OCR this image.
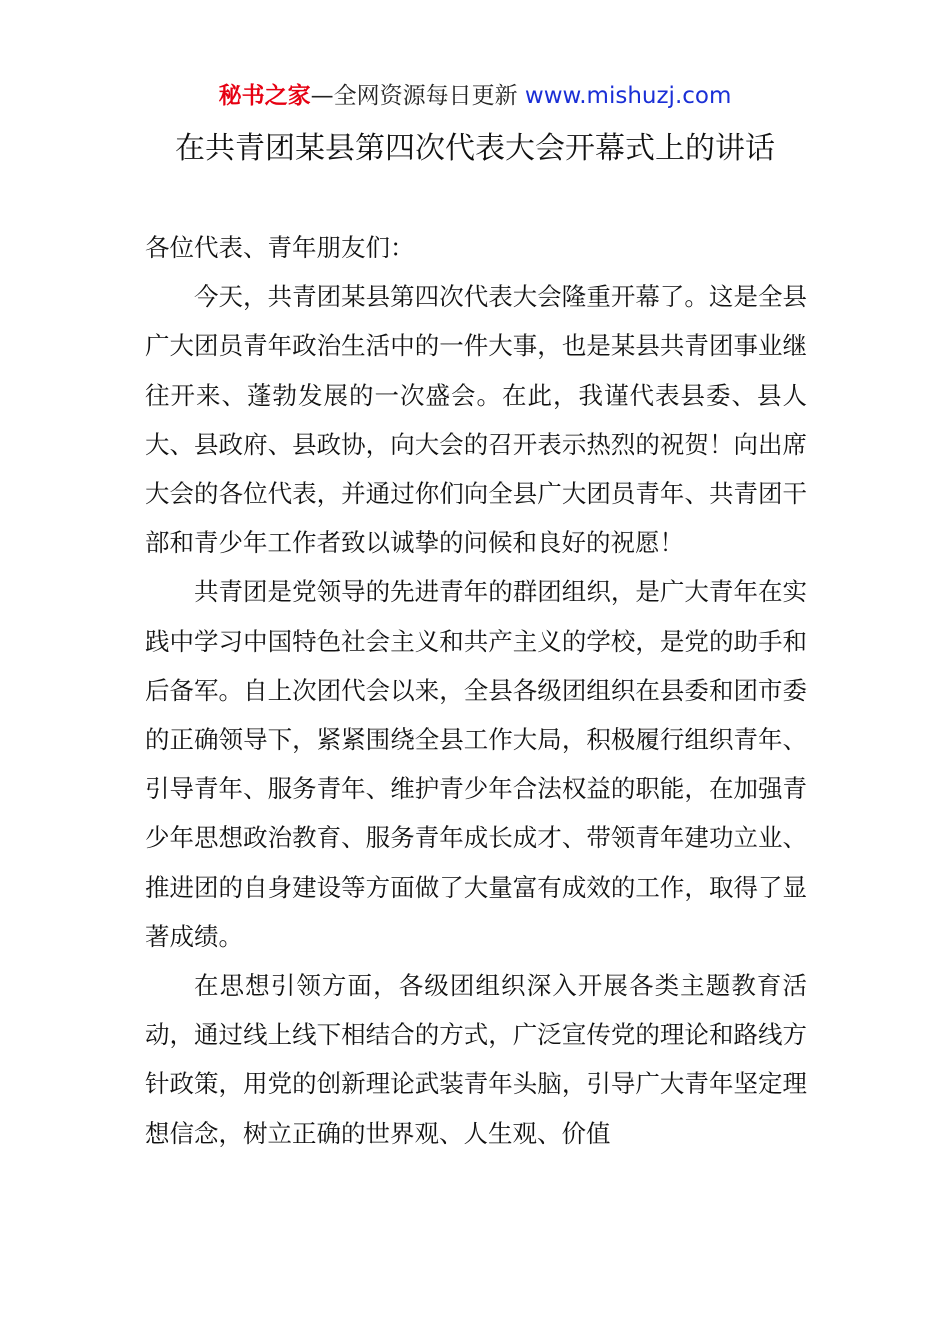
秘书之家—全网资源每日更新 www.mishuzj.com
在共青团某县第四次代表大会开幕式上的讲话

各位代表、青年朋友们：

今天，共青团某县第四次代表大会隆重开幕了。这是全县广大团员青年政治生活中的一件大事，也是某县共青团事业继往开来、蓬勃发展的一次盛会。在此，我谨代表县委、县人大、县政府、县政协，向大会的召开表示热烈的祝贺！向出席大会的各位代表，并通过你们向全县广大团员青年、共青团干部和青少年工作者致以诚挚的问候和良好的祝愿！

共青团是党领导的先进青年的群团组织，是广大青年在实践中学习中国特色社会主义和共产主义的学校，是党的助手和后备军。自上次团代会以来，全县各级团组织在县委和团市委的正确领导下，紧紧围绕全县工作大局，积极履行组织青年、引导青年、服务青年、维护青少年合法权益的职能，在加强青少年思想政治教育、服务青年成长成才、带领青年建功立业、推进团的自身建设等方面做了大量富有成效的工作，取得了显著成绩。

在思想引领方面，各级团组织深入开展各类主题教育活动，通过线上线下相结合的方式，广泛宣传党的理论和路线方针政策，用党的创新理论武装青年头脑，引导广大青年坚定理想信念，树立正确的世界观、人生观、价值
